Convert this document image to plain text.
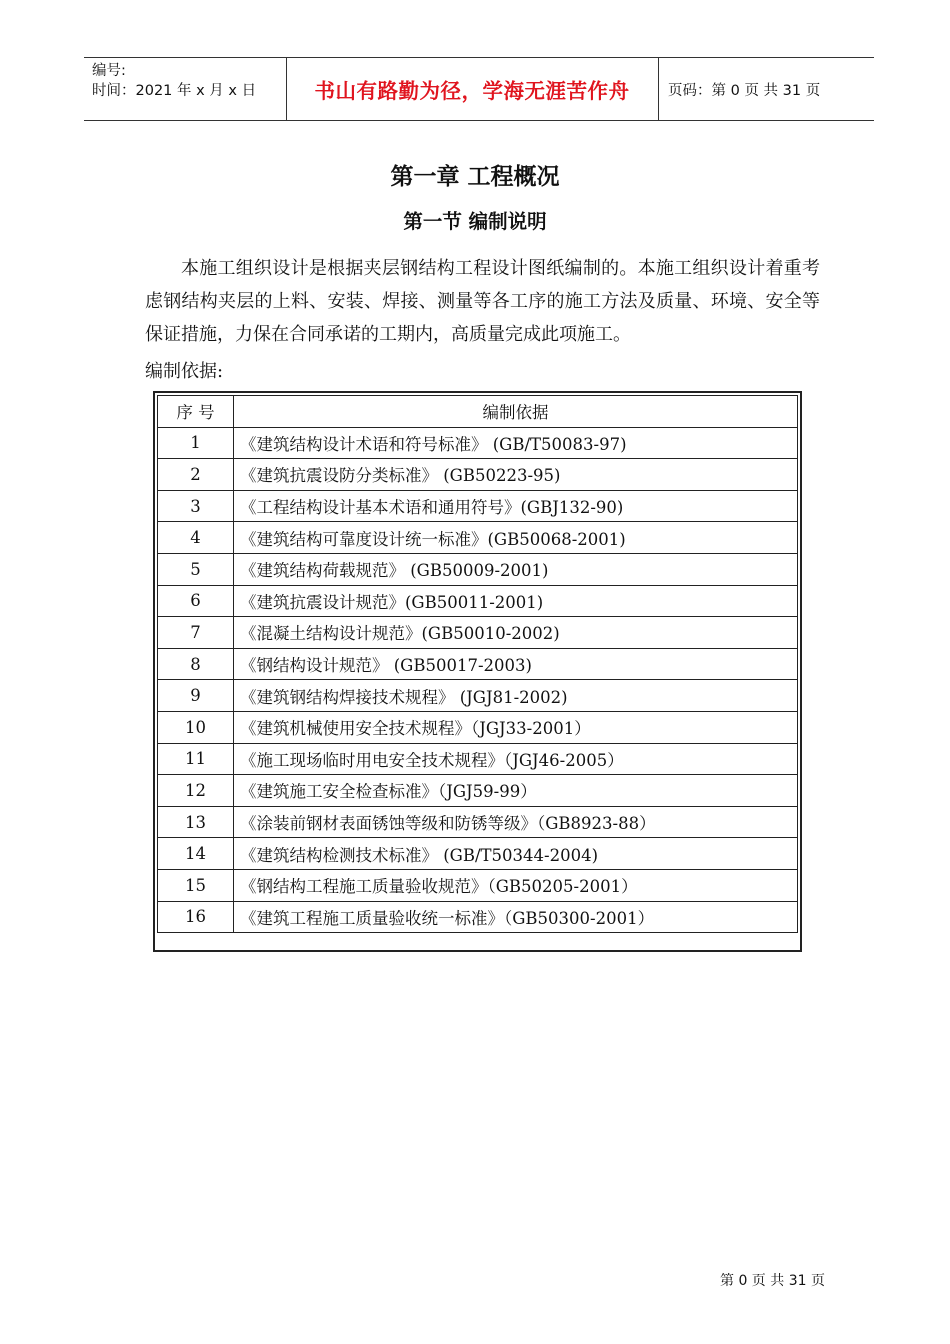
编号:
时间：2021 年 x 月 x 日	书山有路勤为径，学海无涯苦作舟	页码：第 0 页 共 31 页
第一章 工程概况
第一节 编制说明
本施工组织设计是根据夹层钢结构工程设计图纸编制的。本施工组织设计着重考虑钢结构夹层的上料、安装、焊接、测量等各工序的施工方法及质量、环境、安全等保证措施，力保在合同承诺的工期内，高质量完成此项施工。
编制依据:
序 号	编制依据
1	《建筑结构设计术语和符号标准》 (GB/T50083-97)
2	《建筑抗震设防分类标准》 (GB50223-95)
3	《工程结构设计基本术语和通用符号》(GBJ132-90)
4	《建筑结构可靠度设计统一标准》(GB50068-2001)
5	《建筑结构荷载规范》 (GB50009-2001)
6	《建筑抗震设计规范》(GB50011-2001)
7	《混凝土结构设计规范》(GB50010-2002)
8	《钢结构设计规范》 (GB50017-2003)
9	《建筑钢结构焊接技术规程》 (JGJ81-2002)
10	《建筑机械使用安全技术规程》（JGJ33-2001）
11	《施工现场临时用电安全技术规程》（JGJ46-2005）
12	《建筑施工安全检查标准》（JGJ59-99）
13	《涂装前钢材表面锈蚀等级和防锈等级》（GB8923-88）
14	《建筑结构检测技术标准》 (GB/T50344-2004)
15	《钢结构工程施工质量验收规范》（GB50205-2001）
16	《建筑工程施工质量验收统一标准》（GB50300-2001）
第 0 页 共 31 页
